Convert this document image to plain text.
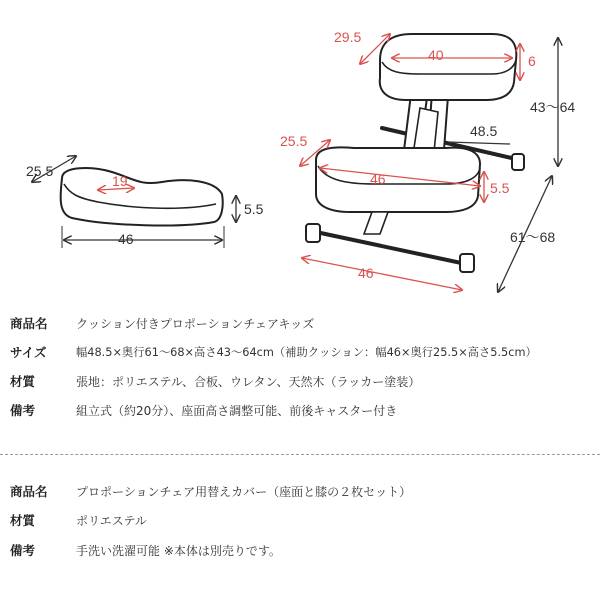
29.5
40	6
43～64
48.5
25.5
46
5.5
61～68
46
25.5
19
5.5
46
商品名 クッション付きプロポーションチェアキッズ
サイズ	幅48.5×奥行61～68×高さ43～64cm（補助クッション：幅46×奥行25.5×高さ5.5cm）
材質	張地：ポリエステル、合板、ウレタン、天然木（ラッカー塗装）
備考	組立式（約20分）、座面高さ調整可能、前後キャスター付き
商品名 プロポーションチェア用替えカバー（座面と膝の２枚セット）
材質	ポリエステル
備考	手洗い洗濯可能 ※本体は別売りです。
